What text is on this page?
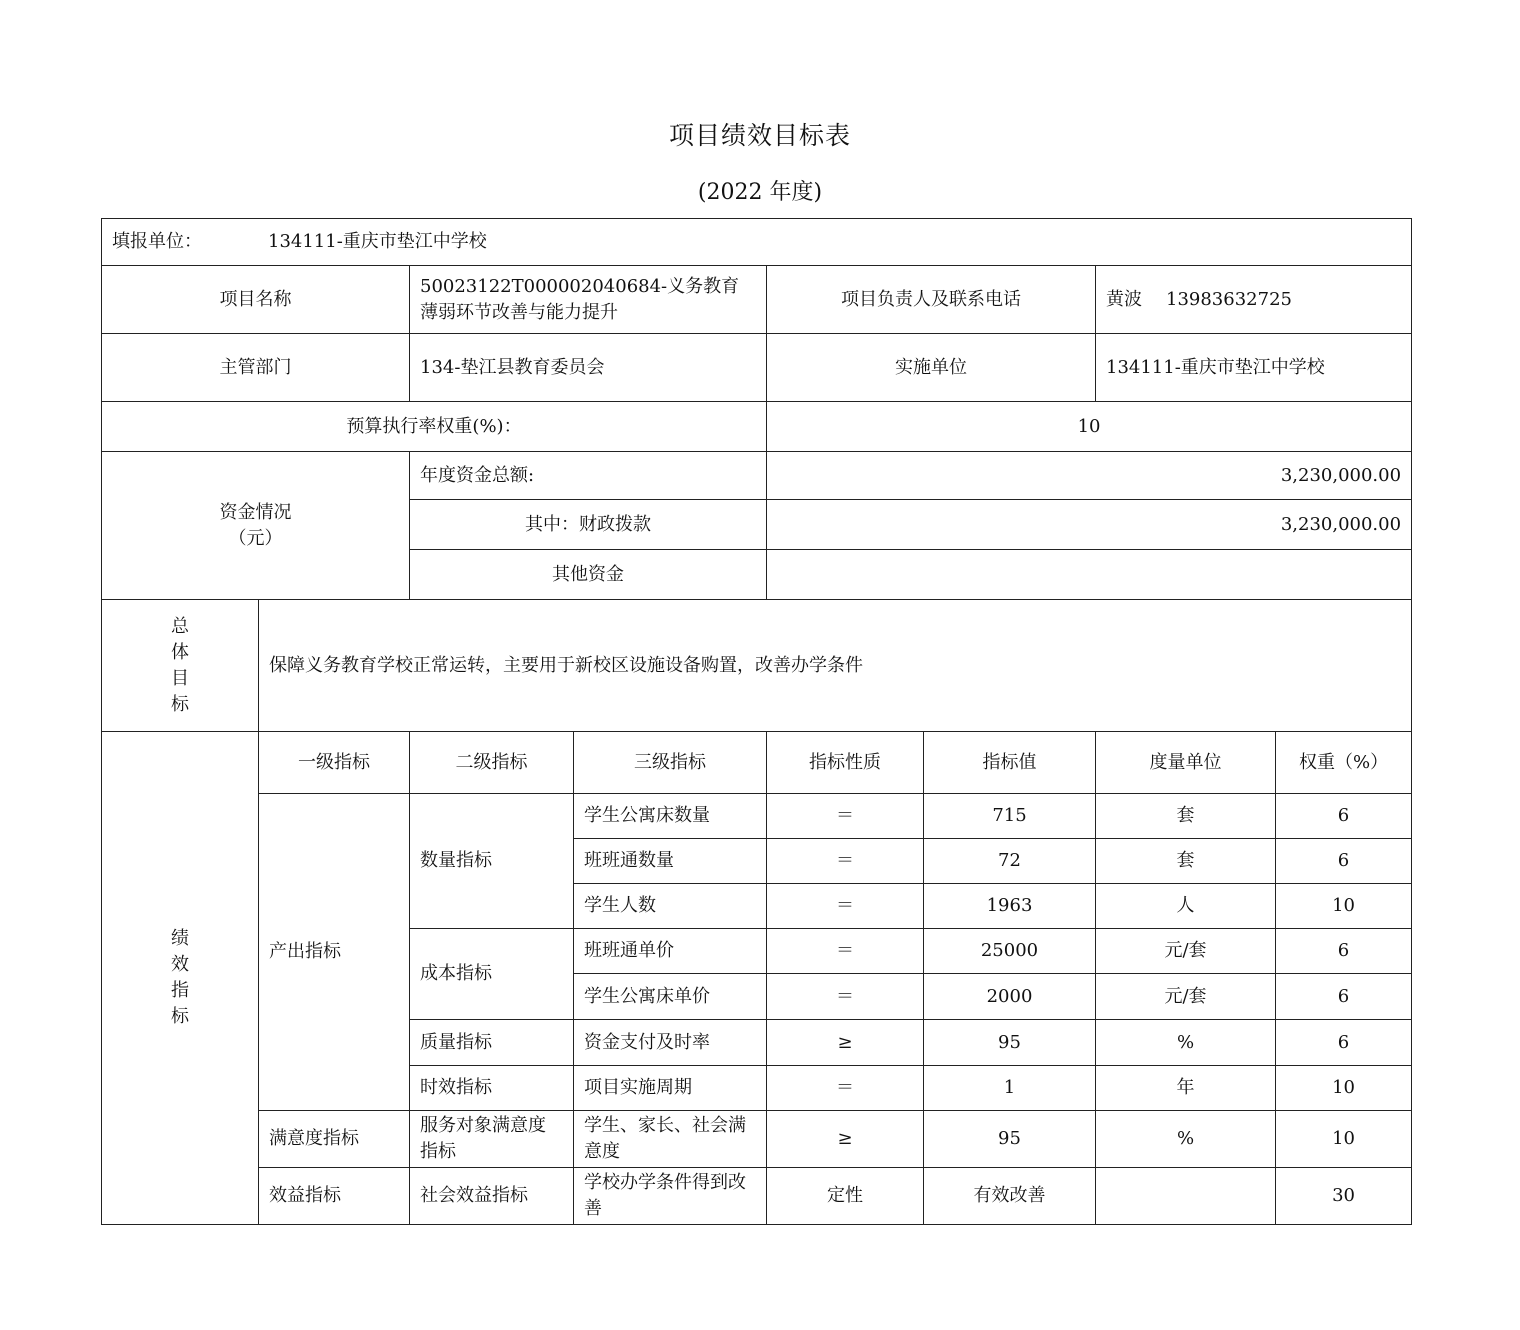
项目绩效目标表
(2022 年度)
填报单位： 134111-重庆市垫江中学校							
项目名称		50023122T000002040684-义务教育薄弱环节改善与能力提升		项目负责人及联系电话		黄波 13983632725	
主管部门		134-垫江县教育委员会		实施单位		134111-重庆市垫江中学校	
预算执行率权重(%)：				10			

资金情况
（元）		年度资金总额:		3,230,000.00			
		其中：财政拨款		3,230,000.00			
		其他资金					

总
体
目
标	保障义务教育学校正常运转，主要用于新校区设施设备购置，改善办学条件						

绩
效
指
标	一级指标	二级指标	三级指标	指标性质	指标值	度量单位	权重（%）
	产出指标	数量指标	学生公寓床数量	＝	715	套	6
			班班通数量	＝	72	套	6
			学生人数	＝	1963	人	10
		成本指标	班班通单价	＝	25000	元/套	6
			学生公寓床单价	＝	2000	元/套	6
		质量指标	资金支付及时率	≥	95	%	6
		时效指标	项目实施周期	＝	1	年	10
	满意度指标	服务对象满意度指标	学生、家长、社会满意度	≥	95	%	10
	效益指标	社会效益指标	学校办学条件得到改善	定性	有效改善		30
